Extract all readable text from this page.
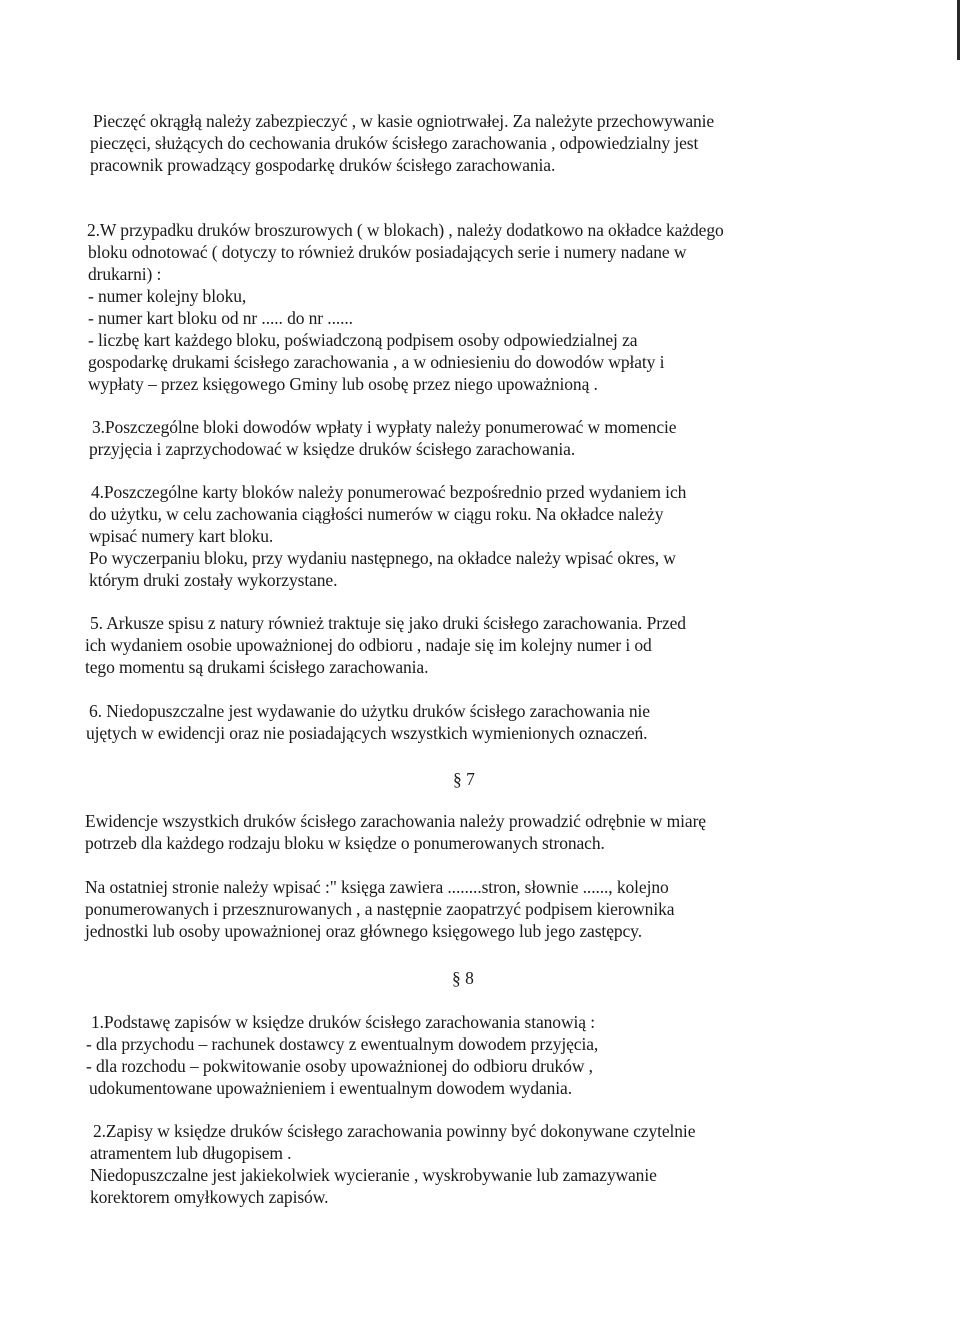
Pieczęć okrągłą należy zabezpieczyć , w kasie ogniotrwałej. Za należyte przechowywanie
pieczęci, służących do cechowania druków ścisłego zarachowania , odpowiedzialny jest
pracownik prowadzący gospodarkę druków ścisłego zarachowania.
2.W przypadku druków broszurowych ( w blokach) , należy dodatkowo na okładce każdego
bloku odnotować ( dotyczy to również druków posiadających serie i numery nadane w
drukarni) :
- numer kolejny bloku,
- numer kart bloku od nr ..... do nr ......
- liczbę kart każdego bloku, poświadczoną podpisem osoby odpowiedzialnej za
gospodarkę drukami ścisłego zarachowania , a w odniesieniu do dowodów wpłaty i
wypłaty – przez księgowego Gminy lub osobę przez niego upoważnioną .
3.Poszczególne bloki dowodów wpłaty i wypłaty należy ponumerować w momencie
przyjęcia i zaprzychodować w księdze druków ścisłego zarachowania.
4.Poszczególne karty bloków należy ponumerować bezpośrednio przed wydaniem ich
do użytku, w celu zachowania ciągłości numerów w ciągu roku. Na okładce należy
wpisać numery kart bloku.
Po wyczerpaniu bloku, przy wydaniu następnego, na okładce należy wpisać okres, w
którym druki zostały wykorzystane.
5. Arkusze spisu z natury również traktuje się jako druki ścisłego zarachowania. Przed
ich wydaniem osobie upoważnionej do odbioru , nadaje się im kolejny numer i od
tego momentu są drukami ścisłego zarachowania.
6. Niedopuszczalne jest wydawanie do użytku druków ścisłego zarachowania nie
ujętych w ewidencji oraz nie posiadających wszystkich wymienionych oznaczeń.
§ 7
Ewidencje wszystkich druków ścisłego zarachowania należy prowadzić odrębnie w miarę
potrzeb dla każdego rodzaju bloku w księdze o ponumerowanych stronach.
Na ostatniej stronie należy wpisać :" księga zawiera ........stron, słownie ......, kolejno
ponumerowanych i przesznurowanych , a następnie zaopatrzyć podpisem kierownika
jednostki lub osoby upoważnionej oraz głównego księgowego lub jego zastępcy.
§ 8
1.Podstawę zapisów w księdze druków ścisłego zarachowania stanowią :
- dla przychodu – rachunek dostawcy z ewentualnym dowodem przyjęcia,
- dla rozchodu – pokwitowanie osoby upoważnionej do odbioru druków ,
udokumentowane upoważnieniem i ewentualnym dowodem wydania.
2.Zapisy w księdze druków ścisłego zarachowania powinny być dokonywane czytelnie
atramentem lub długopisem .
Niedopuszczalne jest jakiekolwiek wycieranie , wyskrobywanie lub zamazywanie
korektorem omyłkowych zapisów.
